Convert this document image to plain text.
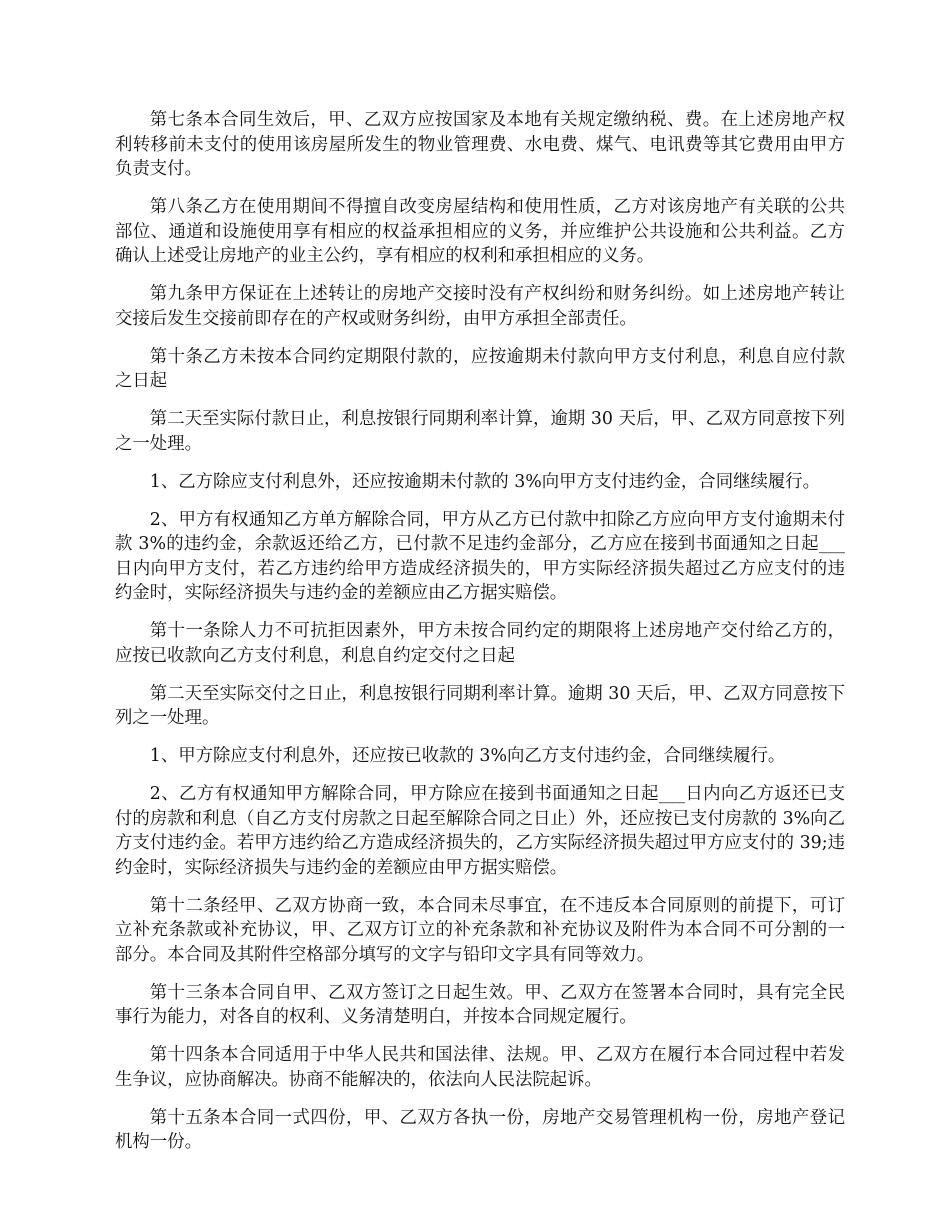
第七条本合同生效后，甲、乙双方应按国家及本地有关规定缴纳税、费。在上述房地产权利转移前未支付的使用该房屋所发生的物业管理费、水电费、煤气、电讯费等其它费用由甲方负责支付。

第八条乙方在使用期间不得擅自改变房屋结构和使用性质，乙方对该房地产有关联的公共部位、通道和设施使用享有相应的权益承担相应的义务，并应维护公共设施和公共利益。乙方确认上述受让房地产的业主公约，享有相应的权利和承担相应的义务。

第九条甲方保证在上述转让的房地产交接时没有产权纠纷和财务纠纷。如上述房地产转让交接后发生交接前即存在的产权或财务纠纷，由甲方承担全部责任。

第十条乙方未按本合同约定期限付款的，应按逾期未付款向甲方支付利息，利息自应付款之日起

第二天至实际付款日止，利息按银行同期利率计算，逾期 30 天后，甲、乙双方同意按下列之一处理。

1、乙方除应支付利息外，还应按逾期未付款的 3%向甲方支付违约金，合同继续履行。

2、甲方有权通知乙方单方解除合同，甲方从乙方已付款中扣除乙方应向甲方支付逾期未付款 3%的违约金，余款返还给乙方，已付款不足违约金部分，乙方应在接到书面通知之日起___日内向甲方支付，若乙方违约给甲方造成经济损失的，甲方实际经济损失超过乙方应支付的违约金时，实际经济损失与违约金的差额应由乙方据实赔偿。

第十一条除人力不可抗拒因素外，甲方未按合同约定的期限将上述房地产交付给乙方的，应按已收款向乙方支付利息，利息自约定交付之日起

第二天至实际交付之日止，利息按银行同期利率计算。逾期 30 天后，甲、乙双方同意按下列之一处理。

1、甲方除应支付利息外，还应按已收款的 3%向乙方支付违约金，合同继续履行。

2、乙方有权通知甲方解除合同，甲方除应在接到书面通知之日起___日内向乙方返还已支付的房款和利息（自乙方支付房款之日起至解除合同之日止）外，还应按已支付房款的 3%向乙方支付违约金。若甲方违约给乙方造成经济损失的，乙方实际经济损失超过甲方应支付的 39;违约金时，实际经济损失与违约金的差额应由甲方据实赔偿。

第十二条经甲、乙双方协商一致，本合同未尽事宜，在不违反本合同原则的前提下，可订立补充条款或补充协议，甲、乙双方订立的补充条款和补充协议及附件为本合同不可分割的一部分。本合同及其附件空格部分填写的文字与铅印文字具有同等效力。

第十三条本合同自甲、乙双方签订之日起生效。甲、乙双方在签署本合同时，具有完全民事行为能力，对各自的权利、义务清楚明白，并按本合同规定履行。

第十四条本合同适用于中华人民共和国法律、法规。甲、乙双方在履行本合同过程中若发生争议，应协商解决。协商不能解决的，依法向人民法院起诉。

第十五条本合同一式四份，甲、乙双方各执一份，房地产交易管理机构一份，房地产登记机构一份。
